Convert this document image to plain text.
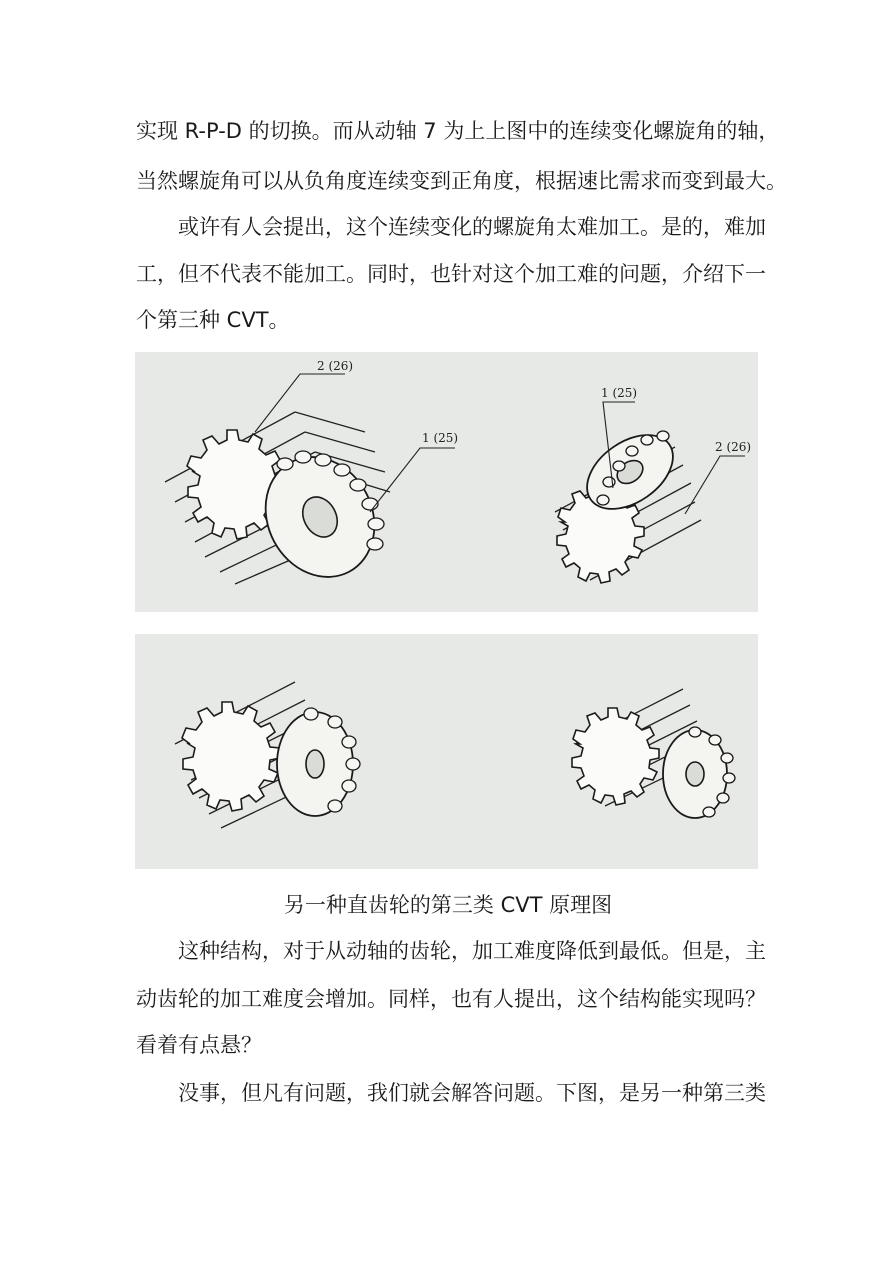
实现 R-P-D 的切换。而从动轴 7 为上上图中的连续变化螺旋角的轴，
当然螺旋角可以从负角度连续变到正角度，根据速比需求而变到最大。
或许有人会提出，这个连续变化的螺旋角太难加工。是的，难加
工，但不代表不能加工。同时，也针对这个加工难的问题，介绍下一
个第三种 CVT。
2 (26)
1 (25)
1 (25)
2 (26)
另一种直齿轮的第三类 CVT 原理图
这种结构，对于从动轴的齿轮，加工难度降低到最低。但是，主
动齿轮的加工难度会增加。同样，也有人提出，这个结构能实现吗？
看着有点悬？
没事，但凡有问题，我们就会解答问题。下图，是另一种第三类
